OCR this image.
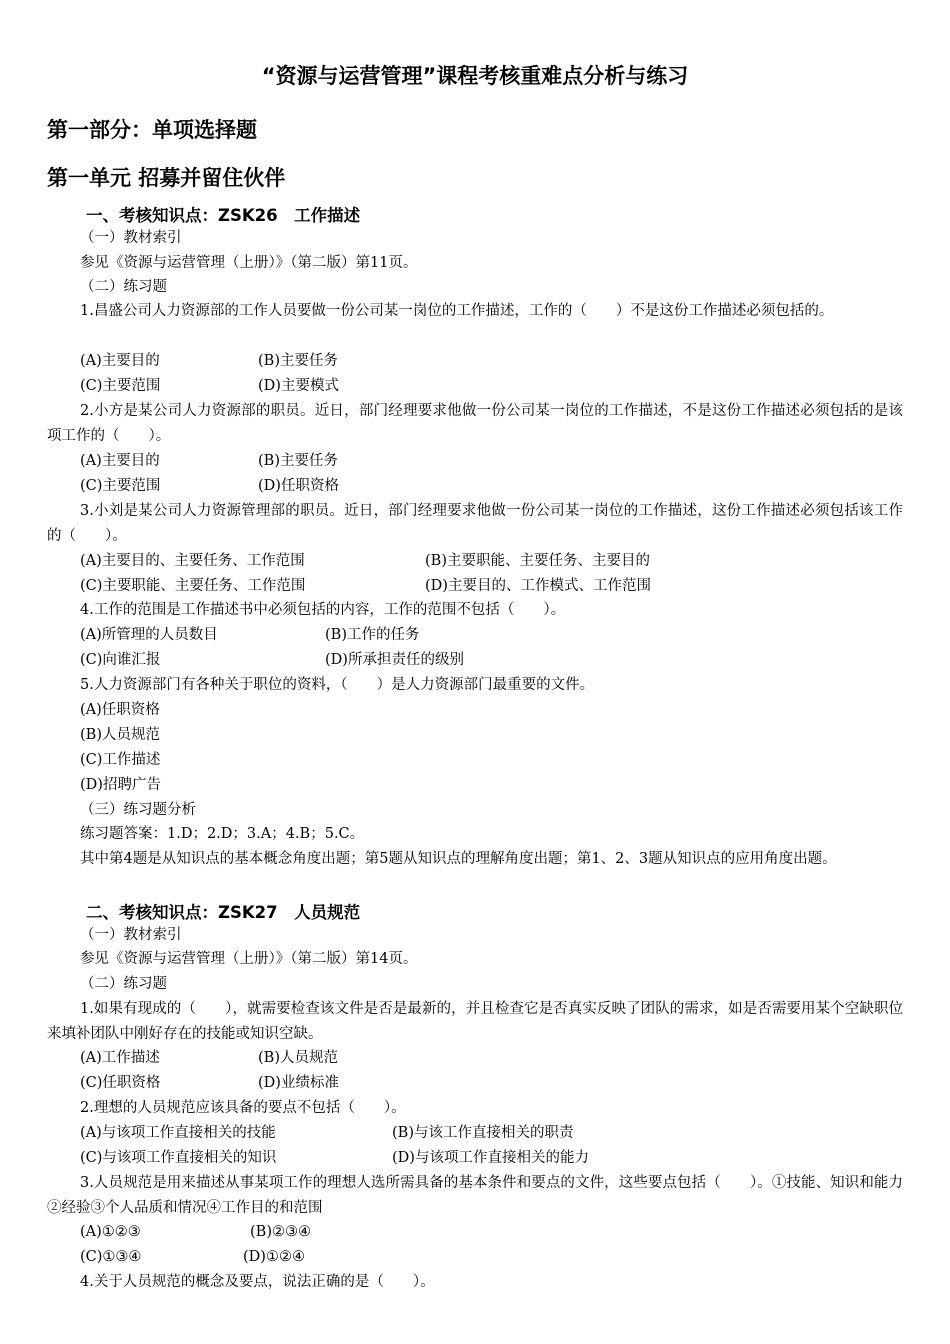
“资源与运营管理”课程考核重难点分析与练习
第一部分：单项选择题
第一单元 招募并留住伙伴
一、考核知识点：ZSK26　工作描述
（一）教材索引
参见《资源与运营管理（上册）》（第二版）第11页。
（二）练习题
1.昌盛公司人力资源部的工作人员要做一份公司某一岗位的工作描述，工作的（　　）不是这份工作描述必须包括的。
(A)主要目的	(B)主要任务
(C)主要范围	(D)主要模式
2.小方是某公司人力资源部的职员。近日，部门经理要求他做一份公司某一岗位的工作描述，不是这份工作描述必须包括的是该项工作的（　　）。
(A)主要目的	(B)主要任务
(C)主要范围	(D)任职资格
3.小刘是某公司人力资源管理部的职员。近日，部门经理要求他做一份公司某一岗位的工作描述，这份工作描述必须包括该工作的（　　）。
(A)主要目的、主要任务、工作范围	(B)主要职能、主要任务、主要目的
(C)主要职能、主要任务、工作范围	(D)主要目的、工作模式、工作范围
4.工作的范围是工作描述书中必须包括的内容，工作的范围不包括（　　）。
(A)所管理的人员数目	(B)工作的任务
(C)向谁汇报	(D)所承担责任的级别
5.人力资源部门有各种关于职位的资料，（　　）是人力资源部门最重要的文件。
(A)任职资格
(B)人员规范
(C)工作描述
(D)招聘广告
（三）练习题分析
练习题答案：1.D；2.D；3.A；4.B；5.C。
其中第4题是从知识点的基本概念角度出题；第5题从知识点的理解角度出题；第1、2、3题从知识点的应用角度出题。
二、考核知识点：ZSK27　人员规范
（一）教材索引
参见《资源与运营管理（上册）》（第二版）第14页。
（二）练习题
1.如果有现成的（　　），就需要检查该文件是否是最新的，并且检查它是否真实反映了团队的需求，如是否需要用某个空缺职位来填补团队中刚好存在的技能或知识空缺。
(A)工作描述	(B)人员规范
(C)任职资格	(D)业绩标准
2.理想的人员规范应该具备的要点不包括（　　）。
(A)与该项工作直接相关的技能	(B)与该工作直接相关的职责
(C)与该项工作直接相关的知识	(D)与该项工作直接相关的能力
3.人员规范是用来描述从事某项工作的理想人选所需具备的基本条件和要点的文件，这些要点包括（　　）。①技能、知识和能力②经验③个人品质和情况④工作目的和范围
(A)①②③	(B)②③④
(C)①③④	(D)①②④
4.关于人员规范的概念及要点，说法正确的是（　　）。
